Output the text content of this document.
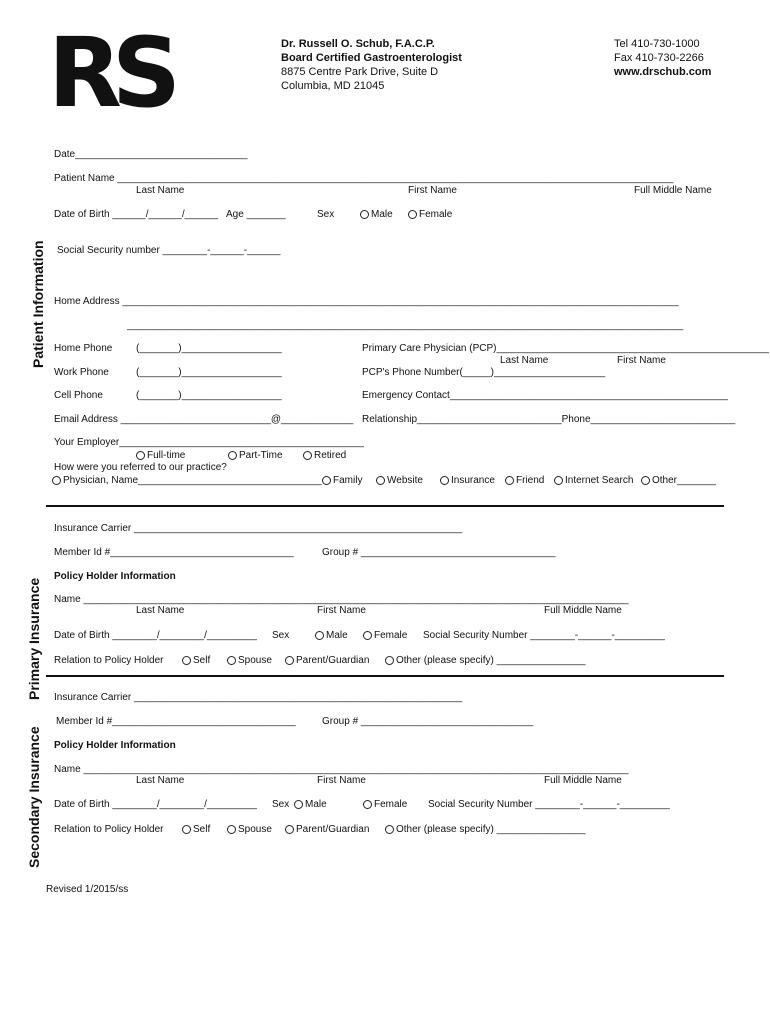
RS	Dr. Russell O. Schub, F.A.C.P.
Board Certified Gastroenterologist
8875 Centre Park Drive, Suite D
Columbia, MD 21045
Tel 410-730-1000
Fax 410-730-2266
www.drschub.com
Patient Information
Primary Insurance
Secondary Insurance
Date_______________________________
Patient Name ____________________________________________________________________________________________________
Last Name	First Name	Full Middle Name
Date of Birth ______/______/______ Age _______	Sex	Male	Female
Social Security number ________-______-______
Home Address ____________________________________________________________________________________________________
____________________________________________________________________________________________________
Home Phone (_______)__________________	Primary Care Physician (PCP)_________________________________________________
Last Name	First Name
Work Phone	(_______)__________________	PCP's Phone Number(_____)____________________
Cell Phone	(_______)__________________	Emergency Contact__________________________________________________
Email Address ___________________________@_____________ Relationship__________________________Phone__________________________
Your Employer____________________________________________
Full-time	Part-Time	Retired
How were you referred to our practice?
Physician, Name_________________________________	Family	Website	Insurance	Friend	Internet Search	Other_______
Insurance Carrier ___________________________________________________________
Member Id #_________________________________	Group # ___________________________________
Policy Holder Information
Name __________________________________________________________________________________________________
Last Name	First Name	Full Middle Name
Date of Birth ________/________/_________ Sex	Male	Female Social Security Number ________-______-_________
Relation to Policy Holder	Self	Spouse	Parent/Guardian	Other (please specify) ________________
Insurance Carrier ___________________________________________________________
Member Id #_________________________________	Group # _______________________________
Policy Holder Information
Name __________________________________________________________________________________________________
Last Name	First Name	Full Middle Name
Date of Birth ________/________/_________ Sex	Male	Female Social Security Number ________-______-_________
Relation to Policy Holder	Self	Spouse	Parent/Guardian	Other (please specify) ________________
Revised 1/2015/ss
